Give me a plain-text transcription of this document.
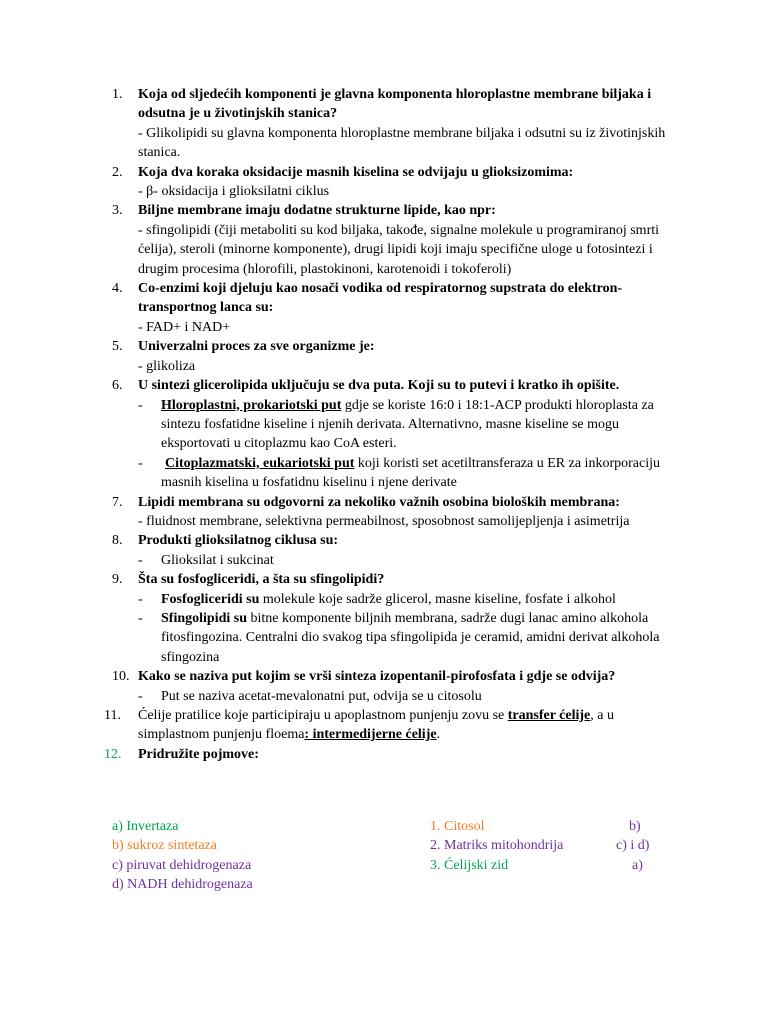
1. Koja od sljedećih komponenti je glavna komponenta hloroplastne membrane biljaka i odsutna je u životinjskih stanica?
- Glikolipidi su glavna komponenta hloroplastne membrane biljaka i odsutni su iz životinjskih stanica.
2. Koja dva koraka oksidacije masnih kiselina se odvijaju u glioksizomima:
- β- oksidacija i glioksilatni ciklus
3. Biljne membrane imaju dodatne strukturne lipide, kao npr:
- sfingolipidi (čiji metaboliti su kod biljaka, takođe, signalne molekule u programiranoj smrti ćelija), steroli (minorne komponente), drugi lipidi koji imaju specifične uloge u fotosintezi i drugim procesima (hlorofili, plastokinoni, karotenoidi i tokoferoli)
4. Co-enzimi koji djeluju kao nosači vodika od respiratornog supstrata do elektron-transportnog lanca su:
- FAD+ i NAD+
5. Univerzalni proces za sve organizme je:
- glikoliza
6. U sintezi glicerolipida uključuju se dva puta. Koji su to putevi i kratko ih opišite.
- Hloroplastni, prokariotski put gdje se koriste 16:0 i 18:1-ACP produkti hloroplasta za sintezu fosfatidne kiseline i njenih derivata. Alternativno, masne kiseline se mogu eksportovati u citoplazmu kao CoA esteri.
- Citoplazmatski, eukariotski put koji koristi set acetiltransferaza u ER za inkorporaciju masnih kiselina u fosfatidnu kiselinu i njene derivate
7. Lipidi membrana su odgovorni za nekoliko važnih osobina bioloških membrana:
- fluidnost membrane, selektivna permeabilnost, sposobnost samolijepljenja i asimetrija
8. Produkti glioksilatnog ciklusa su:
- Glioksilat i sukcinat
9. Šta su fosfogliceridi, a šta su sfingolipidi?
- Fosfogliceridi su molekule koje sadrže glicerol, masne kiseline, fosfate i alkohol
- Sfingolipidi su bitne komponente biljnih membrana, sadrže dugi lanac amino alkohola fitosfingozina. Centralni dio svakog tipa sfingolipida je ceramid, amidni derivat alkohola sfingozina
10. Kako se naziva put kojim se vrši sinteza izopentanil-pirofosfata i gdje se odvija?
- Put se naziva acetat-mevalonatni put, odvija se u citosolu
11. Ćelije pratilice koje participiraju u apoplastnom punjenju zovu se transfer ćelije, a u simplastnom punjenju floema: intermedijerne ćelije.
12. Pridružite pojmove:
a) Invertaza
b) sukroz sintetaza
c) piruvat dehidrogenaza
d) NADH dehidrogenaza
1. Citosol
2. Matriks mitohondrija
3. Ćelijski zid
b)
c) i d)
a)
